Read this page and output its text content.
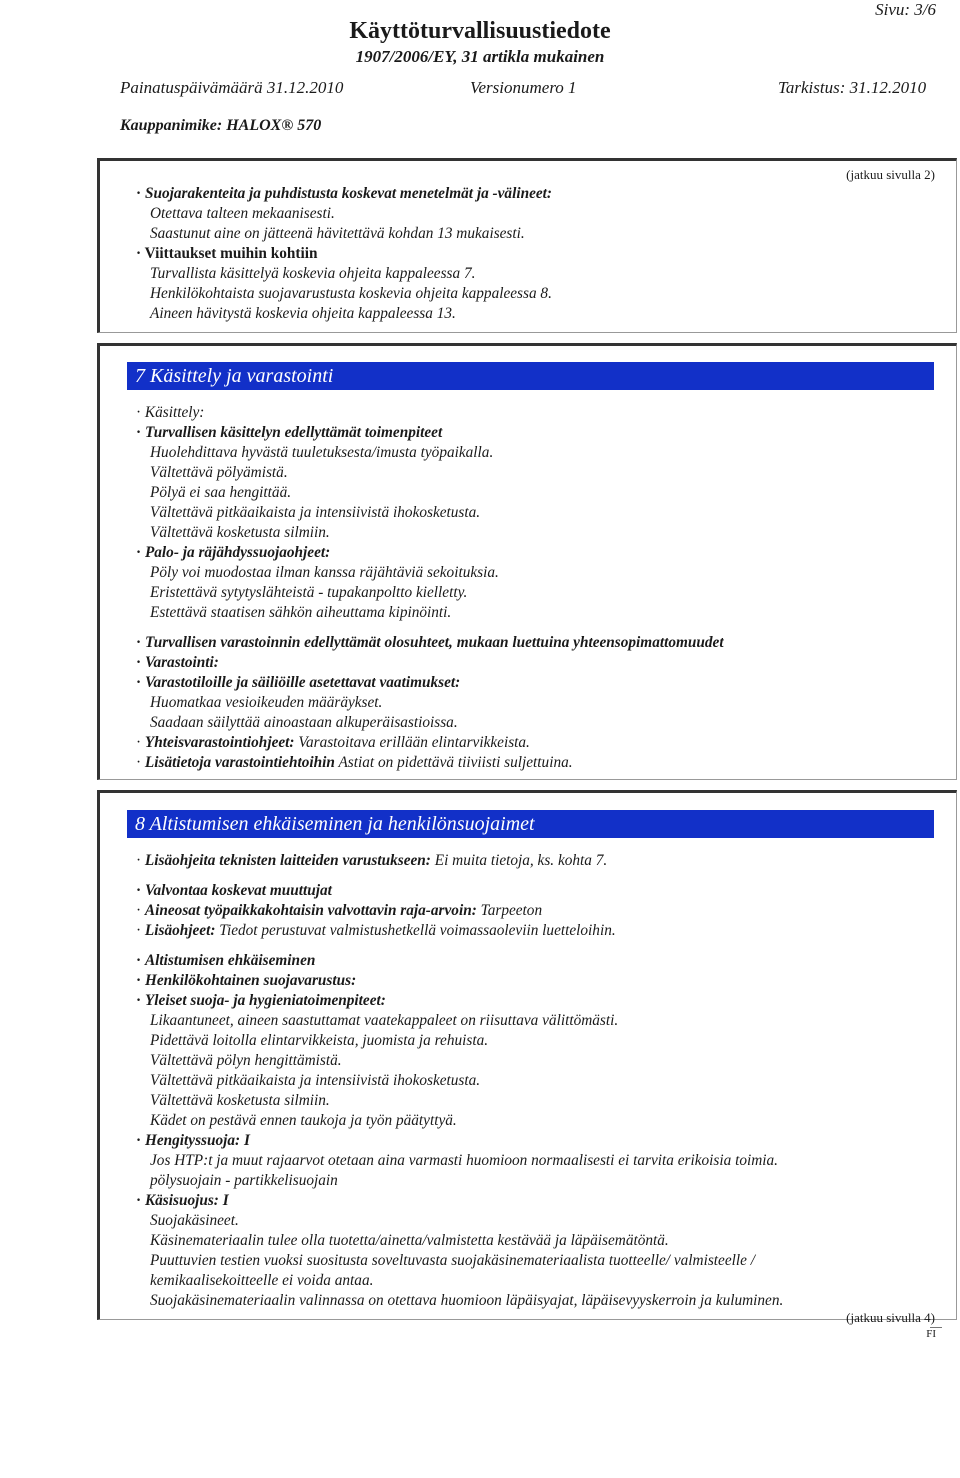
Sivu: 3/6
Käyttöturvallisuustiedote
1907/2006/EY, 31 artikla mukainen
Painatuspäivämäärä 31.12.2010	Versionumero 1	Tarkistus: 31.12.2010
Kauppanimike: HALOX® 570
(jatkuu sivulla 2)
· Suojarakenteita ja puhdistusta koskevat menetelmät ja -välineet:
Otettava talteen mekaanisesti.
Saastunut aine on jätteenä hävitettävä kohdan 13 mukaisesti.
· Viittaukset muihin kohtiin
Turvallista käsittelyä koskevia ohjeita kappaleessa 7.
Henkilökohtaista suojavarustusta koskevia ohjeita kappaleessa 8.
Aineen hävitystä koskevia ohjeita kappaleessa 13.
7 Käsittely ja varastointi
· Käsittely:
· Turvallisen käsittelyn edellyttämät toimenpiteet
Huolehdittava hyvästä tuuletuksesta/imusta työpaikalla.
Vältettävä pölyämistä.
Pölyä ei saa hengittää.
Vältettävä pitkäaikaista ja intensiivistä ihokosketusta.
Vältettävä kosketusta silmiin.
· Palo- ja räjähdyssuojaohjeet:
Pöly voi muodostaa ilman kanssa räjähtäviä sekoituksia.
Eristettävä sytytyslähteistä - tupakanpoltto kielletty.
Estettävä staatisen sähkön aiheuttama kipinöinti.
· Turvallisen varastoinnin edellyttämät olosuhteet, mukaan luettuina yhteensopimattomuudet
· Varastointi:
· Varastotiloille ja säiliöille asetettavat vaatimukset:
Huomatkaa vesioikeuden määräykset.
Saadaan säilyttää ainoastaan alkuperäisastioissa.
· Yhteisvarastointiohjeet: Varastoitava erillään elintarvikkeista.
· Lisätietoja varastointiehtoihin Astiat on pidettävä tiiviisti suljettuina.
8 Altistumisen ehkäiseminen ja henkilönsuojaimet
· Lisäohjeita teknisten laitteiden varustukseen: Ei muita tietoja, ks. kohta 7.
· Valvontaa koskevat muuttujat
· Aineosat työpaikkakohtaisin valvottavin raja-arvoin: Tarpeeton
· Lisäohjeet: Tiedot perustuvat valmistushetkellä voimassaoleviin luetteloihin.
· Altistumisen ehkäiseminen
· Henkilökohtainen suojavarustus:
· Yleiset suoja- ja hygieniatoimenpiteet:
Likaantuneet, aineen saastuttamat vaatekappaleet on riisuttava välittömästi.
Pidettävä loitolla elintarvikkeista, juomista ja rehuista.
Vältettävä pölyn hengittämistä.
Vältettävä pitkäaikaista ja intensiivistä ihokosketusta.
Vältettävä kosketusta silmiin.
Kädet on pestävä ennen taukoja ja työn päätyttyä.
· Hengityssuoja: I
Jos HTP:t ja muut rajaarvot otetaan aina varmasti huomioon normaalisesti ei tarvita erikoisia toimia.
pölysuojain - partikkelisuojain
· Käsisuojus: I
Suojakäsineet.
Käsinemateriaalin tulee olla tuotetta/ainetta/valmistetta kestävää ja läpäisemätöntä.
Puuttuvien testien vuoksi suositusta soveltuvasta suojakäsinemateriaalista tuotteelle/ valmisteelle /
kemikaalisekoitteelle ei voida antaa.
Suojakäsinemateriaalin valinnassa on otettava huomioon läpäisyajat, läpäisevyyskerroin ja kuluminen.
(jatkuu sivulla 4)
FI
